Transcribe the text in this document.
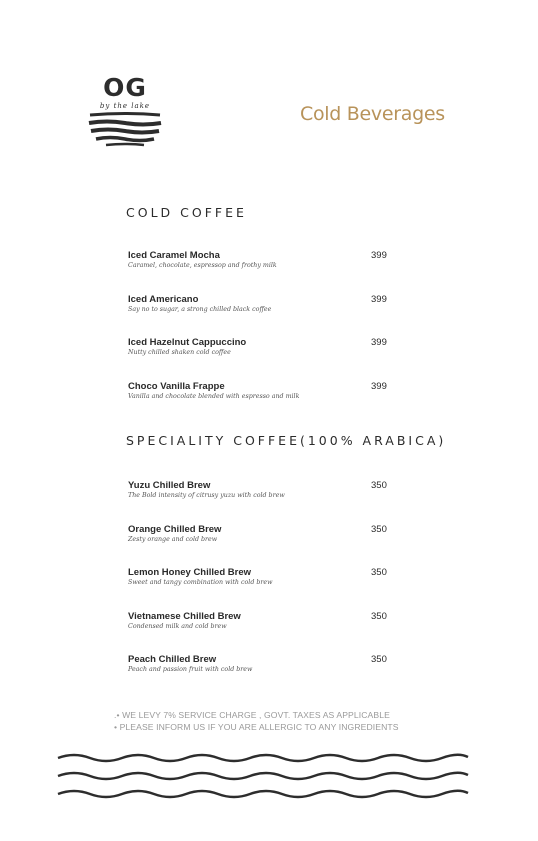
OG
by the lake	Cold Beverages
COLD COFFEE
Iced Caramel Mocha	399
Caramel, chocolate, espressop and frothy milk
Iced Americano	399
Say no to sugar, a strong chilled black coffee
Iced Hazelnut Cappuccino	399
Nutty chilled shaken cold coffee
Choco Vanilla Frappe	399
Vanilla and chocolate blended with espresso and milk
SPECIALITY COFFEE(100% ARABICA)
Yuzu Chilled Brew	350
The Bold intensity of citrusy yuzu with cold brew
Orange Chilled Brew	350
Zesty orange and cold brew
Lemon Honey Chilled Brew	350
Sweet and tangy combination with cold brew
Vietnamese Chilled Brew	350
Condensed milk and cold brew
Peach Chilled Brew	350
Peach and passion fruit with cold brew
.• WE LEVY 7% SERVICE CHARGE , GOVT. TAXES AS APPLICABLE
• PLEASE INFORM US IF YOU ARE ALLERGIC TO ANY INGREDIENTS
